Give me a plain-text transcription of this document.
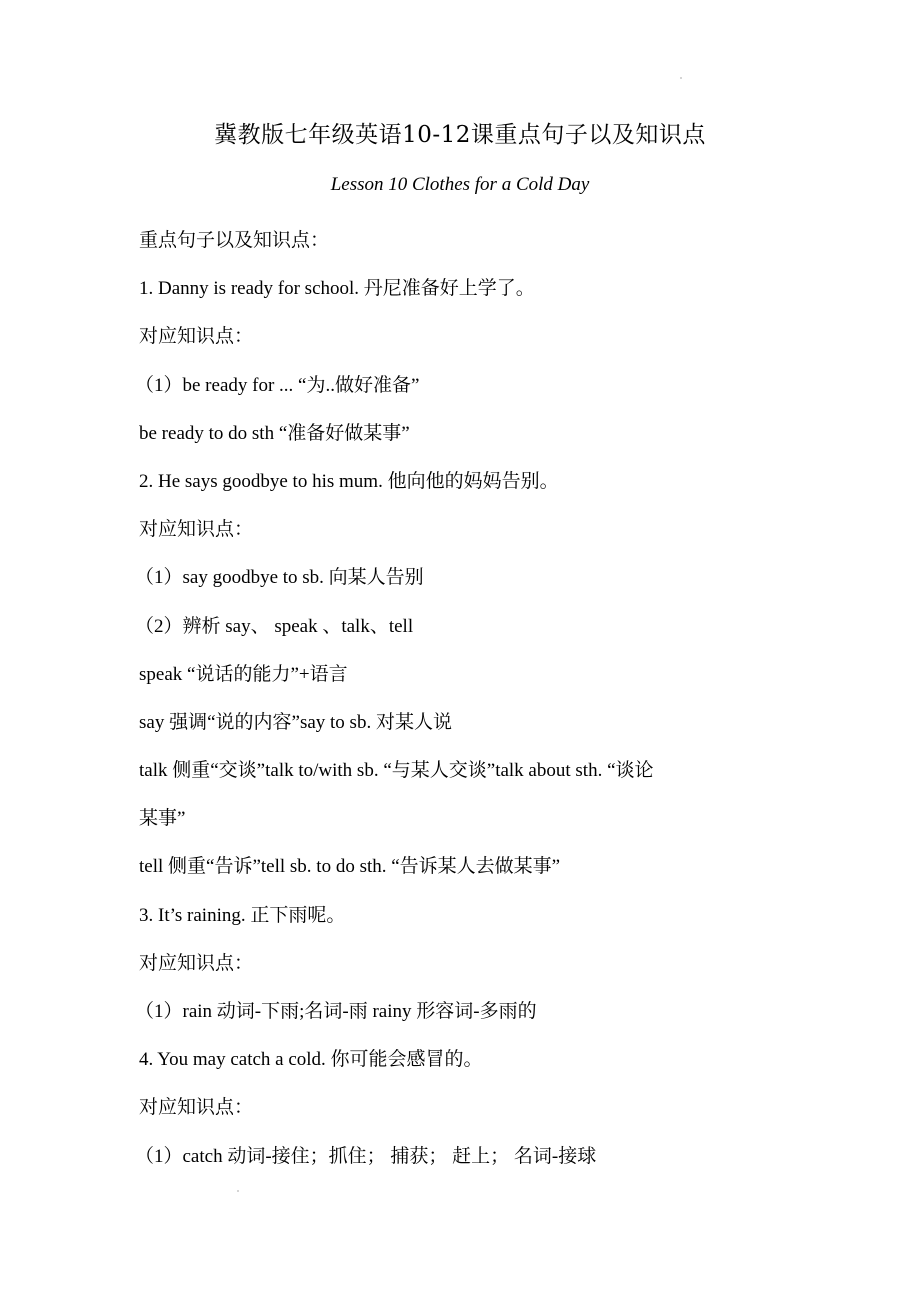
冀教版七年级英语10-12课重点句子以及知识点
Lesson 10 Clothes for a Cold Day
重点句子以及知识点：
1. Danny is ready for school. 丹尼准备好上学了。
对应知识点：
（1）be ready for ... “为..做好准备”
be ready to do sth “准备好做某事”
2. He says goodbye to his mum. 他向他的妈妈告别。
对应知识点：
（1）say goodbye to sb. 向某人告别
（2）辨析 say、 speak 、talk、tell
speak “说话的能力”+语言
say 强调“说的内容”say to sb. 对某人说
talk 侧重“交谈”talk to/with sb. “与某人交谈”talk about sth. “谈论
某事”
tell 侧重“告诉”tell sb. to do sth. “告诉某人去做某事”
3. It’s raining. 正下雨呢。
对应知识点：
（1）rain 动词-下雨;名词-雨 rainy 形容词-多雨的
4. You may catch a cold. 你可能会感冒的。
对应知识点：
（1）catch 动词-接住；抓住； 捕获； 赶上； 名词-接球
